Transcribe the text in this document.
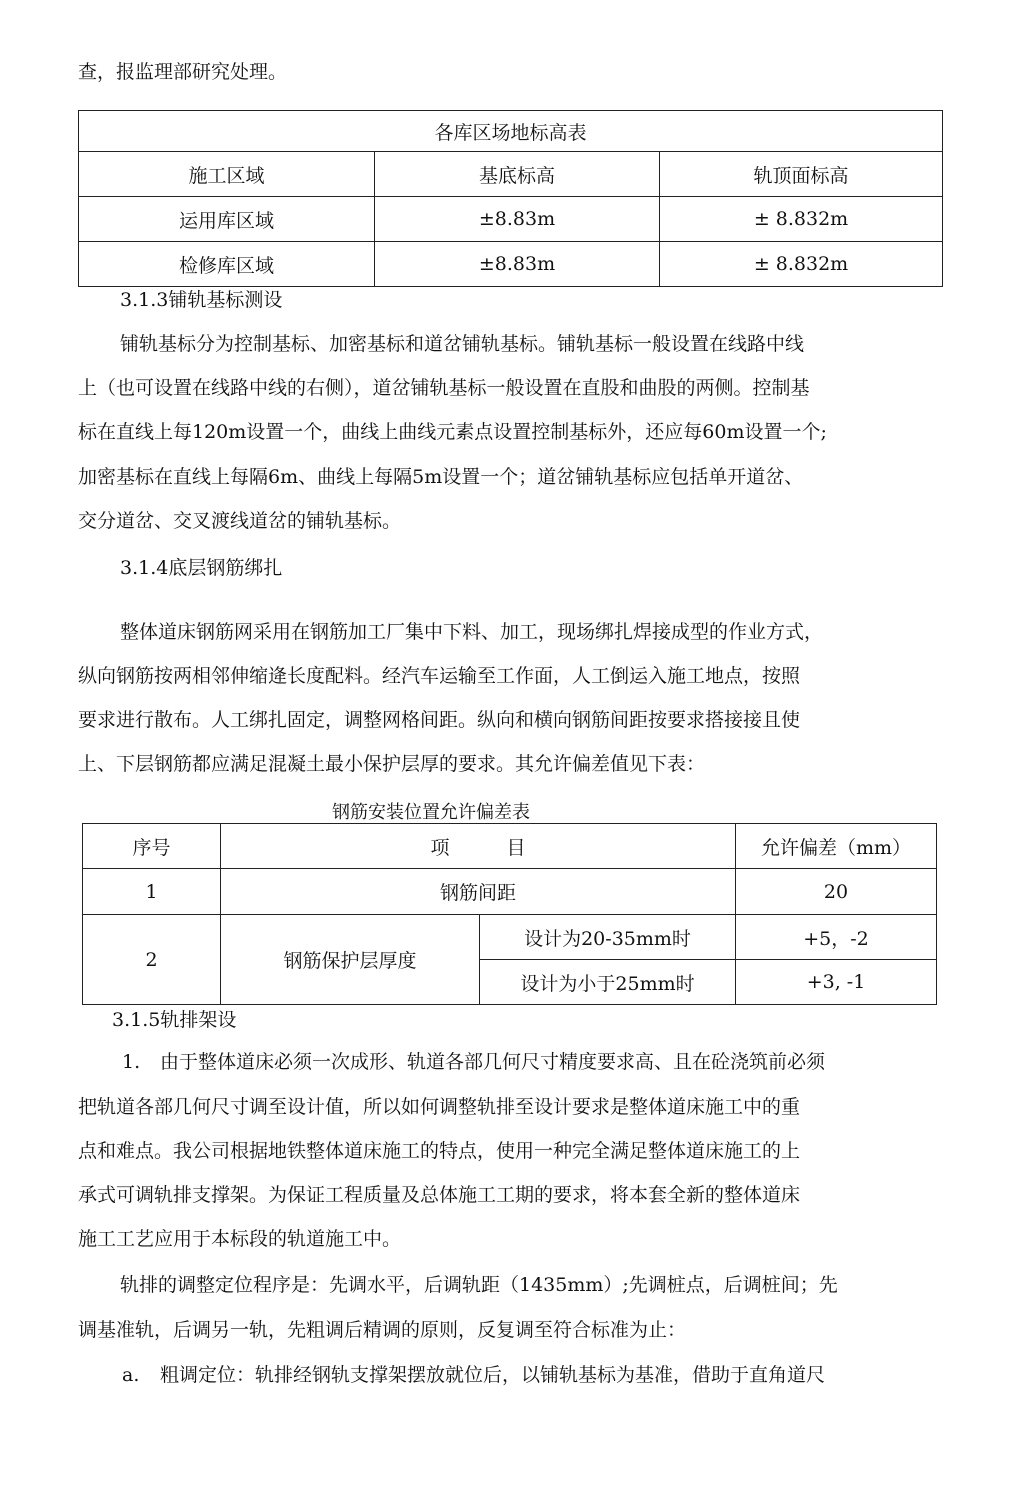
查，报监理部研究处理。
各库区场地标高表		
施工区域	基底标高	轨顶面标高
运用库区域	±8.83m	± 8.832m
检修库区域	±8.83m	± 8.832m
3.1.3铺轨基标测设
铺轨基标分为控制基标、加密基标和道岔铺轨基标。铺轨基标一般设置在线路中线
上（也可设置在线路中线的右侧），道岔铺轨基标一般设置在直股和曲股的两侧。控制基
标在直线上每120m设置一个，曲线上曲线元素点设置控制基标外，还应每60m设置一个;
加密基标在直线上每隔6m、曲线上每隔5m设置一个；道岔铺轨基标应包括单开道岔、
交分道岔、交叉渡线道岔的铺轨基标。
3.1.4底层钢筋绑扎
整体道床钢筋网采用在钢筋加工厂集中下料、加工，现场绑扎焊接成型的作业方式，
纵向钢筋按两相邻伸缩逄长度配料。经汽车运输至工作面，人工倒运入施工地点，按照
要求进行散布。人工绑扎固定，调整网格间距。纵向和横向钢筋间距按要求搭接接且使
上、下层钢筋都应满足混凝土最小保护层厚的要求。其允许偏差值见下表：
钢筋安装位置允许偏差表
序号	项　　　目		允许偏差（mm）
1	钢筋间距		20
2	钢筋保护层厚度	设计为20-35mm时	+5，-2
		设计为小于25mm时	+3, -1
3.1.5轨排架设
1. 由于整体道床必须一次成形、轨道各部几何尺寸精度要求高、且在砼浇筑前必须
把轨道各部几何尺寸调至设计值，所以如何调整轨排至设计要求是整体道床施工中的重
点和难点。我公司根据地铁整体道床施工的特点，使用一种完全满足整体道床施工的上
承式可调轨排支撑架。为保证工程质量及总体施工工期的要求，将本套全新的整体道床
施工工艺应用于本标段的轨道施工中。
轨排的调整定位程序是：先调水平，后调轨距（1435mm）;先调桩点，后调桩间；先
调基准轨，后调另一轨，先粗调后精调的原则，反复调至符合标准为止：
a. 粗调定位：轨排经钢轨支撑架摆放就位后，以铺轨基标为基准，借助于直角道尺
